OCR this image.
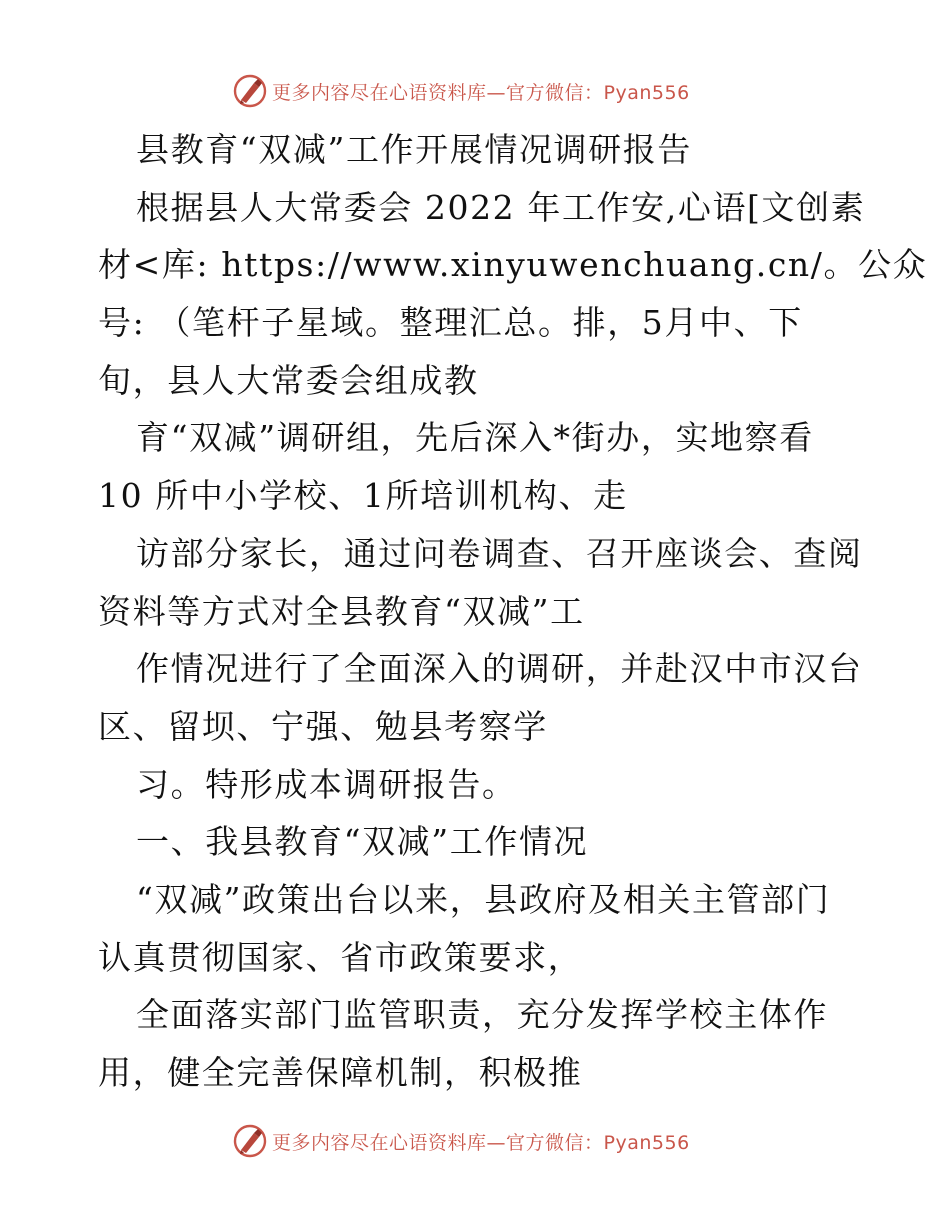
更多内容尽在心语资料库—官方微信：Pyan556
县教育“双减”工作开展情况调研报告
根据县人大常委会 2022 年工作安,心语[文创素
材<库: https://www.xinyuwenchuang.cn/。公众
号: （笔杆子星域。整理汇总。排，5月中、下
旬，县人大常委会组成教
育“双减”调研组，先后深入*街办，实地察看
10 所中小学校、1所培训机构、走
访部分家长，通过问卷调查、召开座谈会、查阅
资料等方式对全县教育“双减”工
作情况进行了全面深入的调研，并赴汉中市汉台
区、留坝、宁强、勉县考察学
习。特形成本调研报告。
一、我县教育“双减”工作情况
“双减”政策出台以来，县政府及相关主管部门
认真贯彻国家、省市政策要求，
全面落实部门监管职责，充分发挥学校主体作
用，健全完善保障机制，积极推
更多内容尽在心语资料库—官方微信：Pyan556
